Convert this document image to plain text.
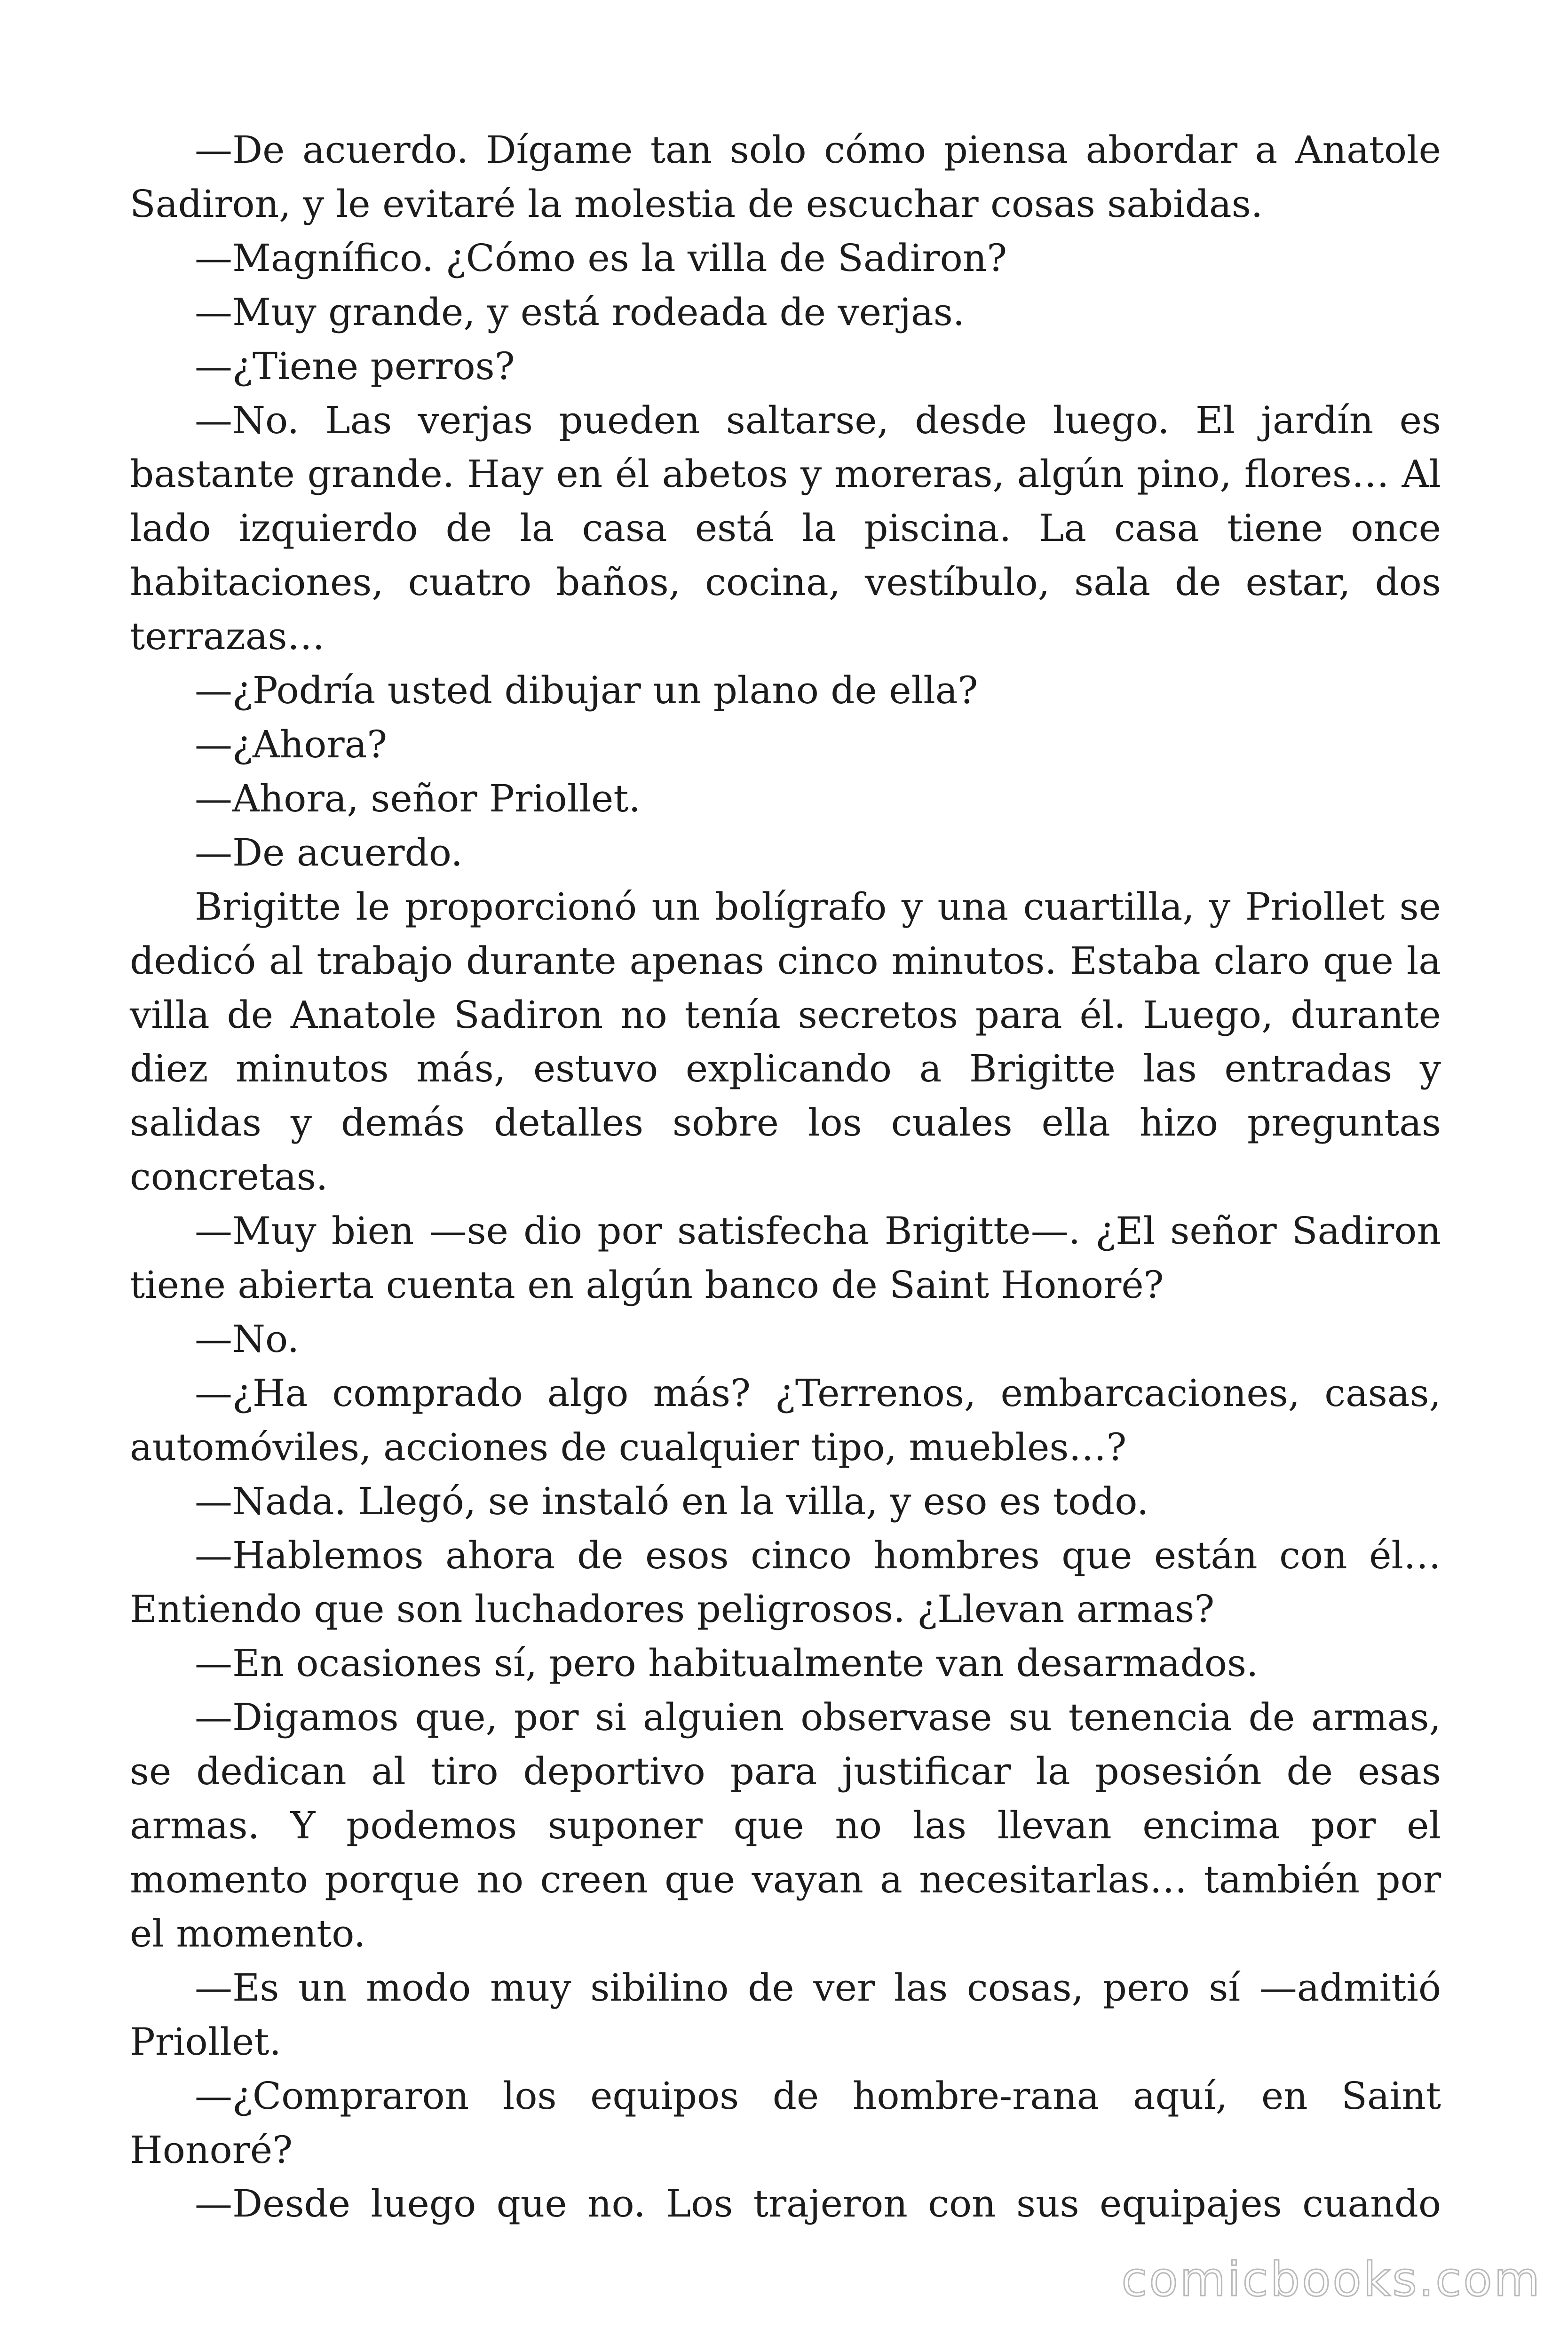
—De acuerdo. Dígame tan solo cómo piensa abordar a Anatole Sadiron, y le evitaré la molestia de escuchar cosas sabidas.

—Magnífico. ¿Cómo es la villa de Sadiron?

—Muy grande, y está rodeada de verjas.

—¿Tiene perros?

—No. Las verjas pueden saltarse, desde luego. El jardín es bastante grande. Hay en él abetos y moreras, algún pino, flores… Al lado izquierdo de la casa está la piscina. La casa tiene once habitaciones, cuatro baños, cocina, vestíbulo, sala de estar, dos terrazas…

—¿Podría usted dibujar un plano de ella?

—¿Ahora?

—Ahora, señor Priollet.

—De acuerdo.

Brigitte le proporcionó un bolígrafo y una cuartilla, y Priollet se dedicó al trabajo durante apenas cinco minutos. Estaba claro que la villa de Anatole Sadiron no tenía secretos para él. Luego, durante diez minutos más, estuvo explicando a Brigitte las entradas y salidas y demás detalles sobre los cuales ella hizo preguntas concretas.

—Muy bien —se dio por satisfecha Brigitte—. ¿El señor Sadiron tiene abierta cuenta en algún banco de Saint Honoré?

—No.

—¿Ha comprado algo más? ¿Terrenos, embarcaciones, casas, automóviles, acciones de cualquier tipo, muebles…?

—Nada. Llegó, se instaló en la villa, y eso es todo.

—Hablemos ahora de esos cinco hombres que están con él… Entiendo que son luchadores peligrosos. ¿Llevan armas?

—En ocasiones sí, pero habitualmente van desarmados.

—Digamos que, por si alguien observase su tenencia de armas, se dedican al tiro deportivo para justificar la posesión de esas armas. Y podemos suponer que no las llevan encima por el momento porque no creen que vayan a necesitarlas… también por el momento.

—Es un modo muy sibilino de ver las cosas, pero sí —admitió Priollet.

—¿Compraron los equipos de hombre-rana aquí, en Saint Honoré?

—Desde luego que no. Los trajeron con sus equipajes cuando

comicbooks.com
